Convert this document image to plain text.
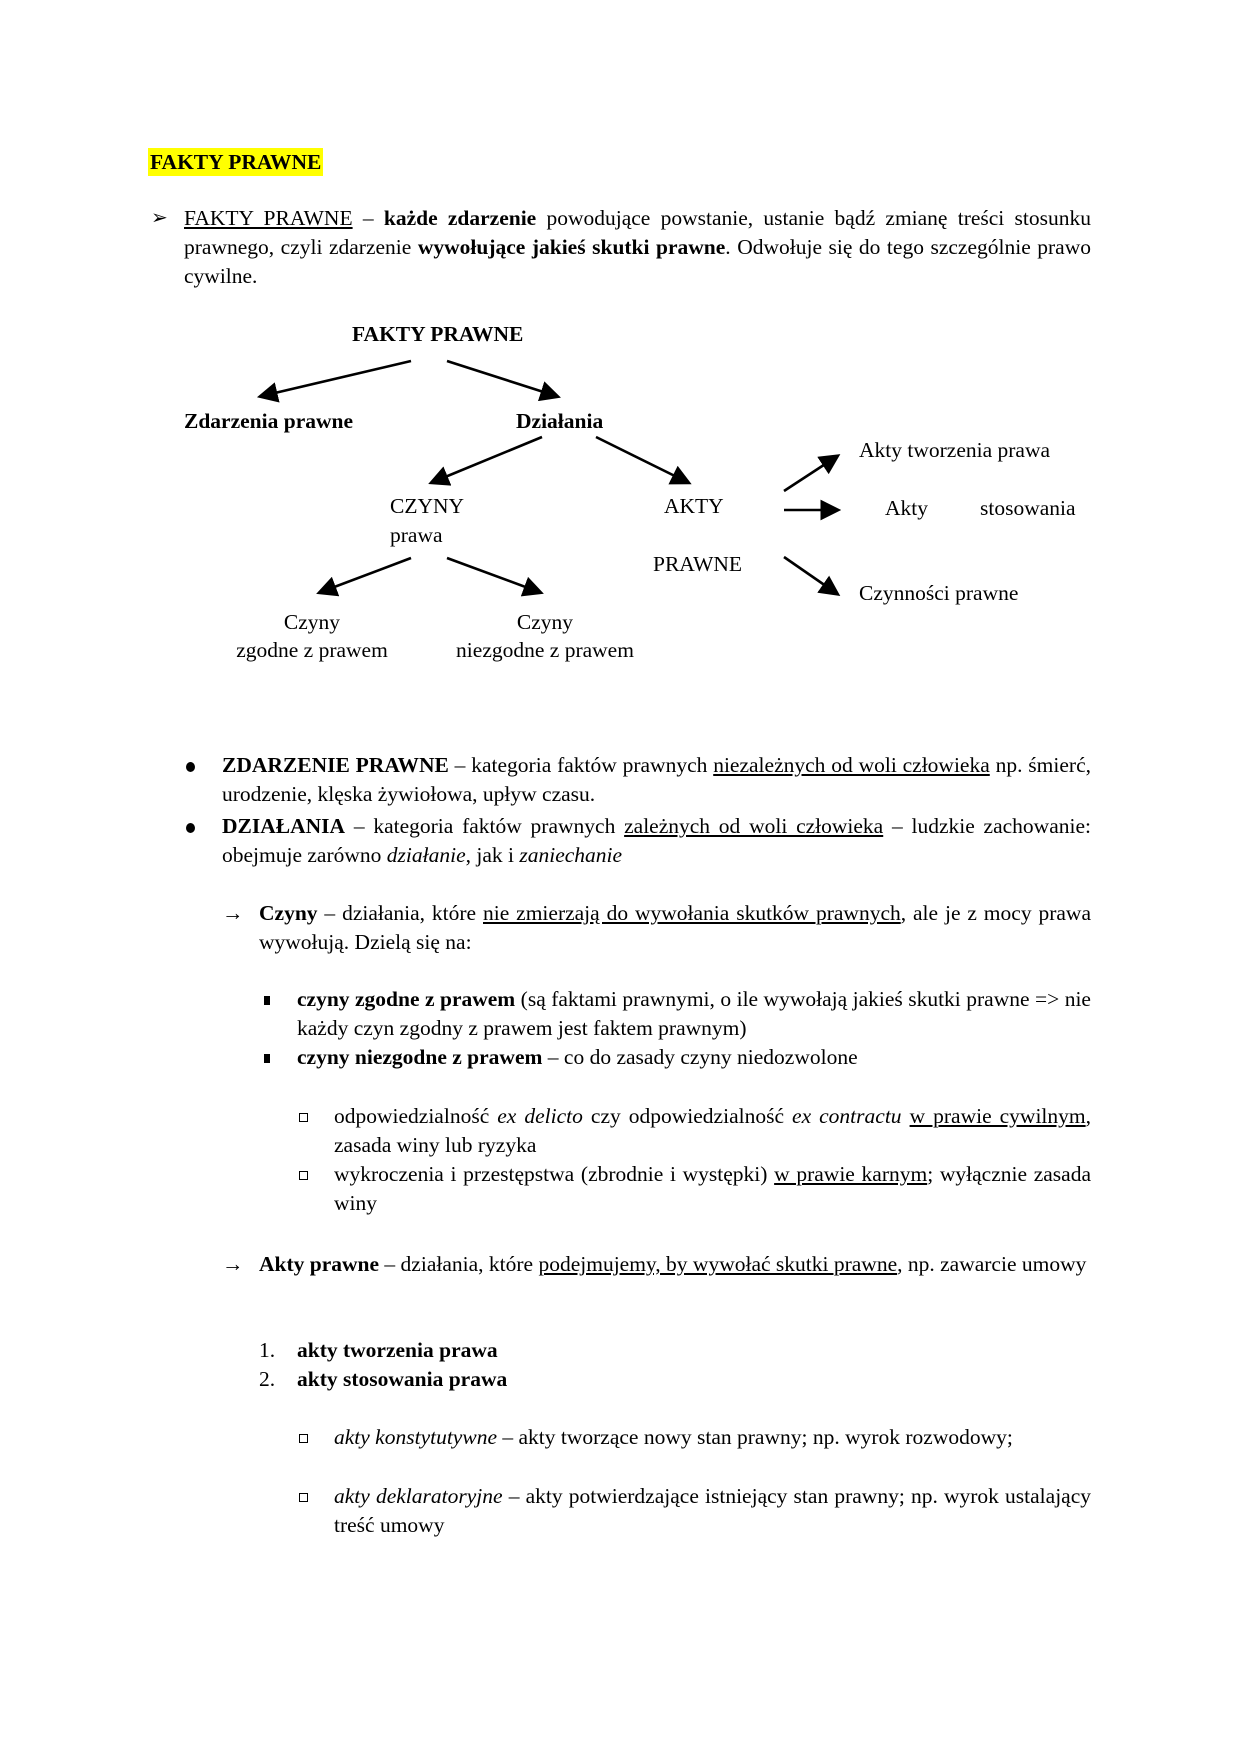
FAKTY PRAWNE
➢ FAKTY PRAWNE – każde zdarzenie powodujące powstanie, ustanie bądź zmianę treści stosunku prawnego, czyli zdarzenie wywołujące jakieś skutki prawne. Odwołuje się do tego szczególnie prawo cywilne.
FAKTY PRAWNE
Zdarzenia prawne	Działania
CZYNY
prawa
AKTY
PRAWNE
Akty tworzenia prawa
Akty stosowania
Czynności prawne
Czyny
zgodne z prawem
Czyny
niezgodne z prawem
ZDARZENIE PRAWNE – kategoria faktów prawnych niezależnych od woli człowieka np. śmierć, urodzenie, klęska żywiołowa, upływ czasu.
DZIAŁANIA – kategoria faktów prawnych zależnych od woli człowieka – ludzkie zachowanie: obejmuje zarówno działanie, jak i zaniechanie
→ Czyny – działania, które nie zmierzają do wywołania skutków prawnych, ale je z mocy prawa wywołują. Dzielą się na:
czyny zgodne z prawem (są faktami prawnymi, o ile wywołają jakieś skutki prawne => nie każdy czyn zgodny z prawem jest faktem prawnym)
czyny niezgodne z prawem – co do zasady czyny niedozwolone
odpowiedzialność ex delicto czy odpowiedzialność ex contractu w prawie cywilnym, zasada winy lub ryzyka
wykroczenia i przestępstwa (zbrodnie i występki) w prawie karnym; wyłącznie zasada winy
→ Akty prawne – działania, które podejmujemy, by wywołać skutki prawne, np. zawarcie umowy
1. akty tworzenia prawa
2. akty stosowania prawa
akty konstytutywne – akty tworzące nowy stan prawny; np. wyrok rozwodowy;
akty deklaratoryjne – akty potwierdzające istniejący stan prawny; np. wyrok ustalający treść umowy
